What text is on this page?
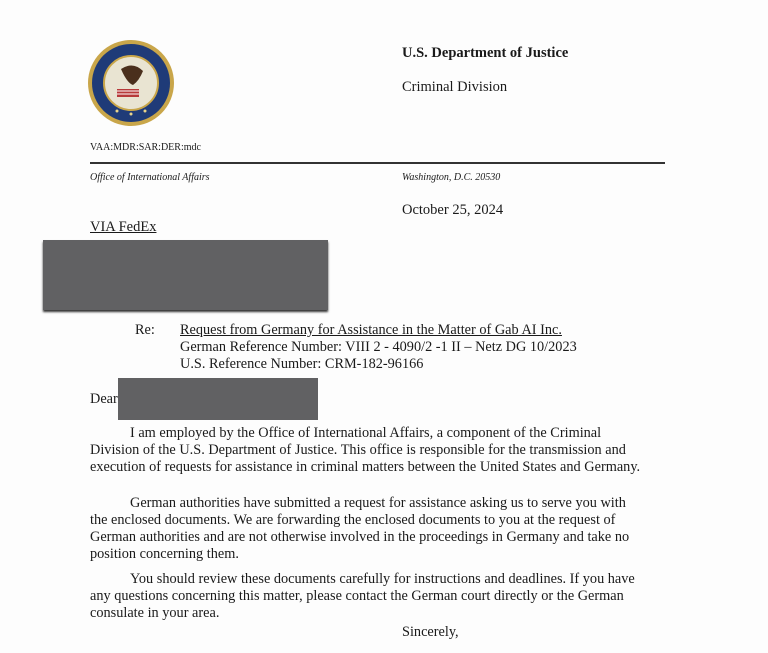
U.S. Department of Justice
Criminal Division
VAA:MDR:SAR:DER:mdc
Office of International Affairs	Washington, D.C. 20530
October 25, 2024
VIA FedEx
Re: Request from Germany for Assistance in the Matter of Gab AI Inc.
German Reference Number: VIII 2 - 4090/2 -1 II – Netz DG 10/2023
U.S. Reference Number: CRM-182-96166
Dear

I am employed by the Office of International Affairs, a component of the Criminal

Division of the U.S. Department of Justice. This office is responsible for the transmission and

execution of requests for assistance in criminal matters between the United States and Germany.

German authorities have submitted a request for assistance asking us to serve you with

the enclosed documents. We are forwarding the enclosed documents to you at the request of

German authorities and are not otherwise involved in the proceedings in Germany and take no

position concerning them.

You should review these documents carefully for instructions and deadlines. If you have

any questions concerning this matter, please contact the German court directly or the German

consulate in your area.

Sincerely,
